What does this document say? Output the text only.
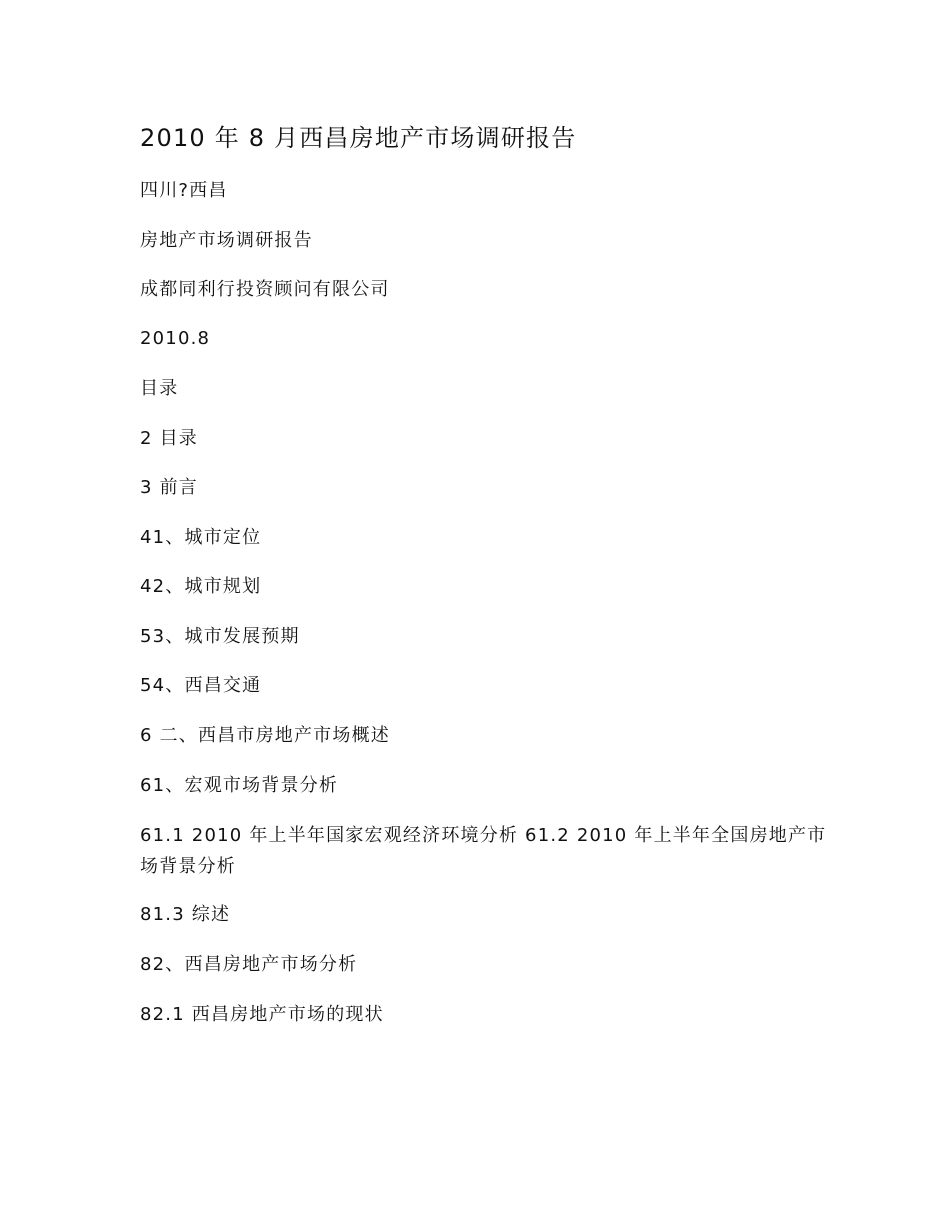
2010 年 8 月西昌房地产市场调研报告

四川?西昌

房地产市场调研报告

成都同利行投资顾问有限公司

2010.8

目录

2 目录

3 前言

41、城市定位

42、城市规划

53、城市发展预期

54、西昌交通

6 二、西昌市房地产市场概述

61、宏观市场背景分析

61.1 2010 年上半年国家宏观经济环境分析 61.2 2010 年上半年全国房地产市场背景分析

81.3 综述

82、西昌房地产市场分析

82.1 西昌房地产市场的现状
